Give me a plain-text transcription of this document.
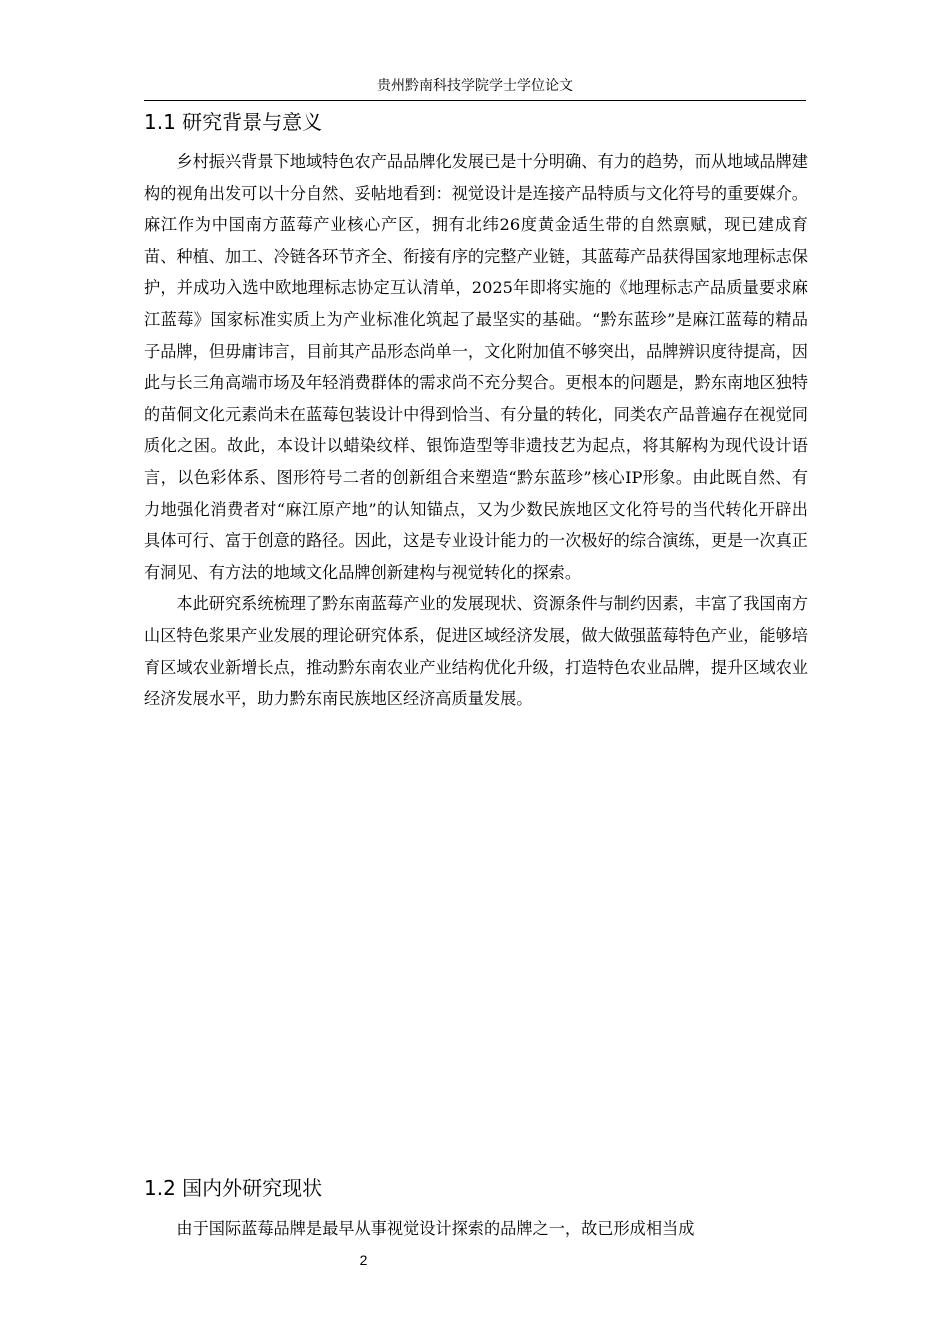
贵州黔南科技学院学士学位论文
1.1 研究背景与意义

乡村振兴背景下地域特色农产品品牌化发展已是十分明确、有力的趋势，而从地域品牌建构的视角出发可以十分自然、妥帖地看到：视觉设计是连接产品特质与文化符号的重要媒介。麻江作为中国南方蓝莓产业核心产区，拥有北纬26度黄金适生带的自然禀赋，现已建成育苗、种植、加工、冷链各环节齐全、衔接有序的完整产业链，其蓝莓产品获得国家地理标志保护，并成功入选中欧地理标志协定互认清单，2025年即将实施的《地理标志产品质量要求麻江蓝莓》国家标准实质上为产业标准化筑起了最坚实的基础。“黔东蓝珍”是麻江蓝莓的精品子品牌，但毋庸讳言，目前其产品形态尚单一，文化附加值不够突出，品牌辨识度待提高，因此与长三角高端市场及年轻消费群体的需求尚不充分契合。更根本的问题是，黔东南地区独特的苗侗文化元素尚未在蓝莓包装设计中得到恰当、有分量的转化，同类农产品普遍存在视觉同质化之困。故此，本设计以蜡染纹样、银饰造型等非遗技艺为起点，将其解构为现代设计语言，以色彩体系、图形符号二者的创新组合来塑造“黔东蓝珍”核心IP形象。由此既自然、有力地强化消费者对“麻江原产地”的认知锚点，又为少数民族地区文化符号的当代转化开辟出具体可行、富于创意的路径。因此，这是专业设计能力的一次极好的综合演练，更是一次真正有洞见、有方法的地域文化品牌创新建构与视觉转化的探索。

本此研究系统梳理了黔东南蓝莓产业的发展现状、资源条件与制约因素，丰富了我国南方山区特色浆果产业发展的理论研究体系，促进区域经济发展，做大做强蓝莓特色产业，能够培育区域农业新增长点，推动黔东南农业产业结构优化升级，打造特色农业品牌，提升区域农业经济发展水平，助力黔东南民族地区经济高质量发展。

1.2 国内外研究现状

由于国际蓝莓品牌是最早从事视觉设计探索的品牌之一，故已形成相当成

2
